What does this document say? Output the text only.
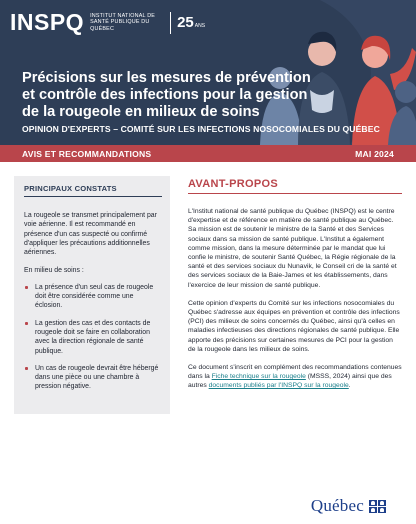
INSPQ INSTITUT NATIONAL DE SANTÉ PUBLIQUE DU QUÉBEC	25 ANS
Précisions sur les mesures de prévention et contrôle des infections pour la gestion de la rougeole en milieux de soins
OPINION D'EXPERTS – COMITÉ SUR LES INFECTIONS NOSOCOMIALES DU QUÉBEC
AVIS ET RECOMMANDATIONS	MAI 2024
PRINCIPAUX CONSTATS

La rougeole se transmet principalement par voie aérienne. Il est recommandé en présence d'un cas suspecté ou confirmé d'appliquer les précautions additionnelles aériennes.

En milieu de soins :

La présence d'un seul cas de rougeole doit être considérée comme une éclosion.
La gestion des cas et des contacts de rougeole doit se faire en collaboration avec la direction régionale de santé publique.
Un cas de rougeole devrait être hébergé dans une pièce ou une chambre à pression négative.
AVANT-PROPOS

L'Institut national de santé publique du Québec (INSPQ) est le centre d'expertise et de référence en matière de santé publique au Québec. Sa mission est de soutenir le ministre de la Santé et des Services sociaux dans sa mission de santé publique. L'Institut a également comme mission, dans la mesure déterminée par le mandat que lui confie le ministre, de soutenir Santé Québec, la Régie régionale de la santé et des services sociaux du Nunavik, le Conseil cri de la santé et des services sociaux de la Baie-James et les établissements, dans l'exercice de leur mission de santé publique.

Cette opinion d'experts du Comité sur les infections nosocomiales du Québec s'adresse aux équipes en prévention et contrôle des infections (PCI) des milieux de soins concernés du Québec, ainsi qu'à celles en maladies infectieuses des directions régionales de santé publique. Elle apporte des précisions sur certaines mesures de PCI pour la gestion de la rougeole dans les milieux de soins.

Ce document s'inscrit en complément des recommandations contenues dans la Fiche technique sur la rougeole (MSSS, 2024) ainsi que des autres documents publiés par l'INSPQ sur la rougeole.

Québec
